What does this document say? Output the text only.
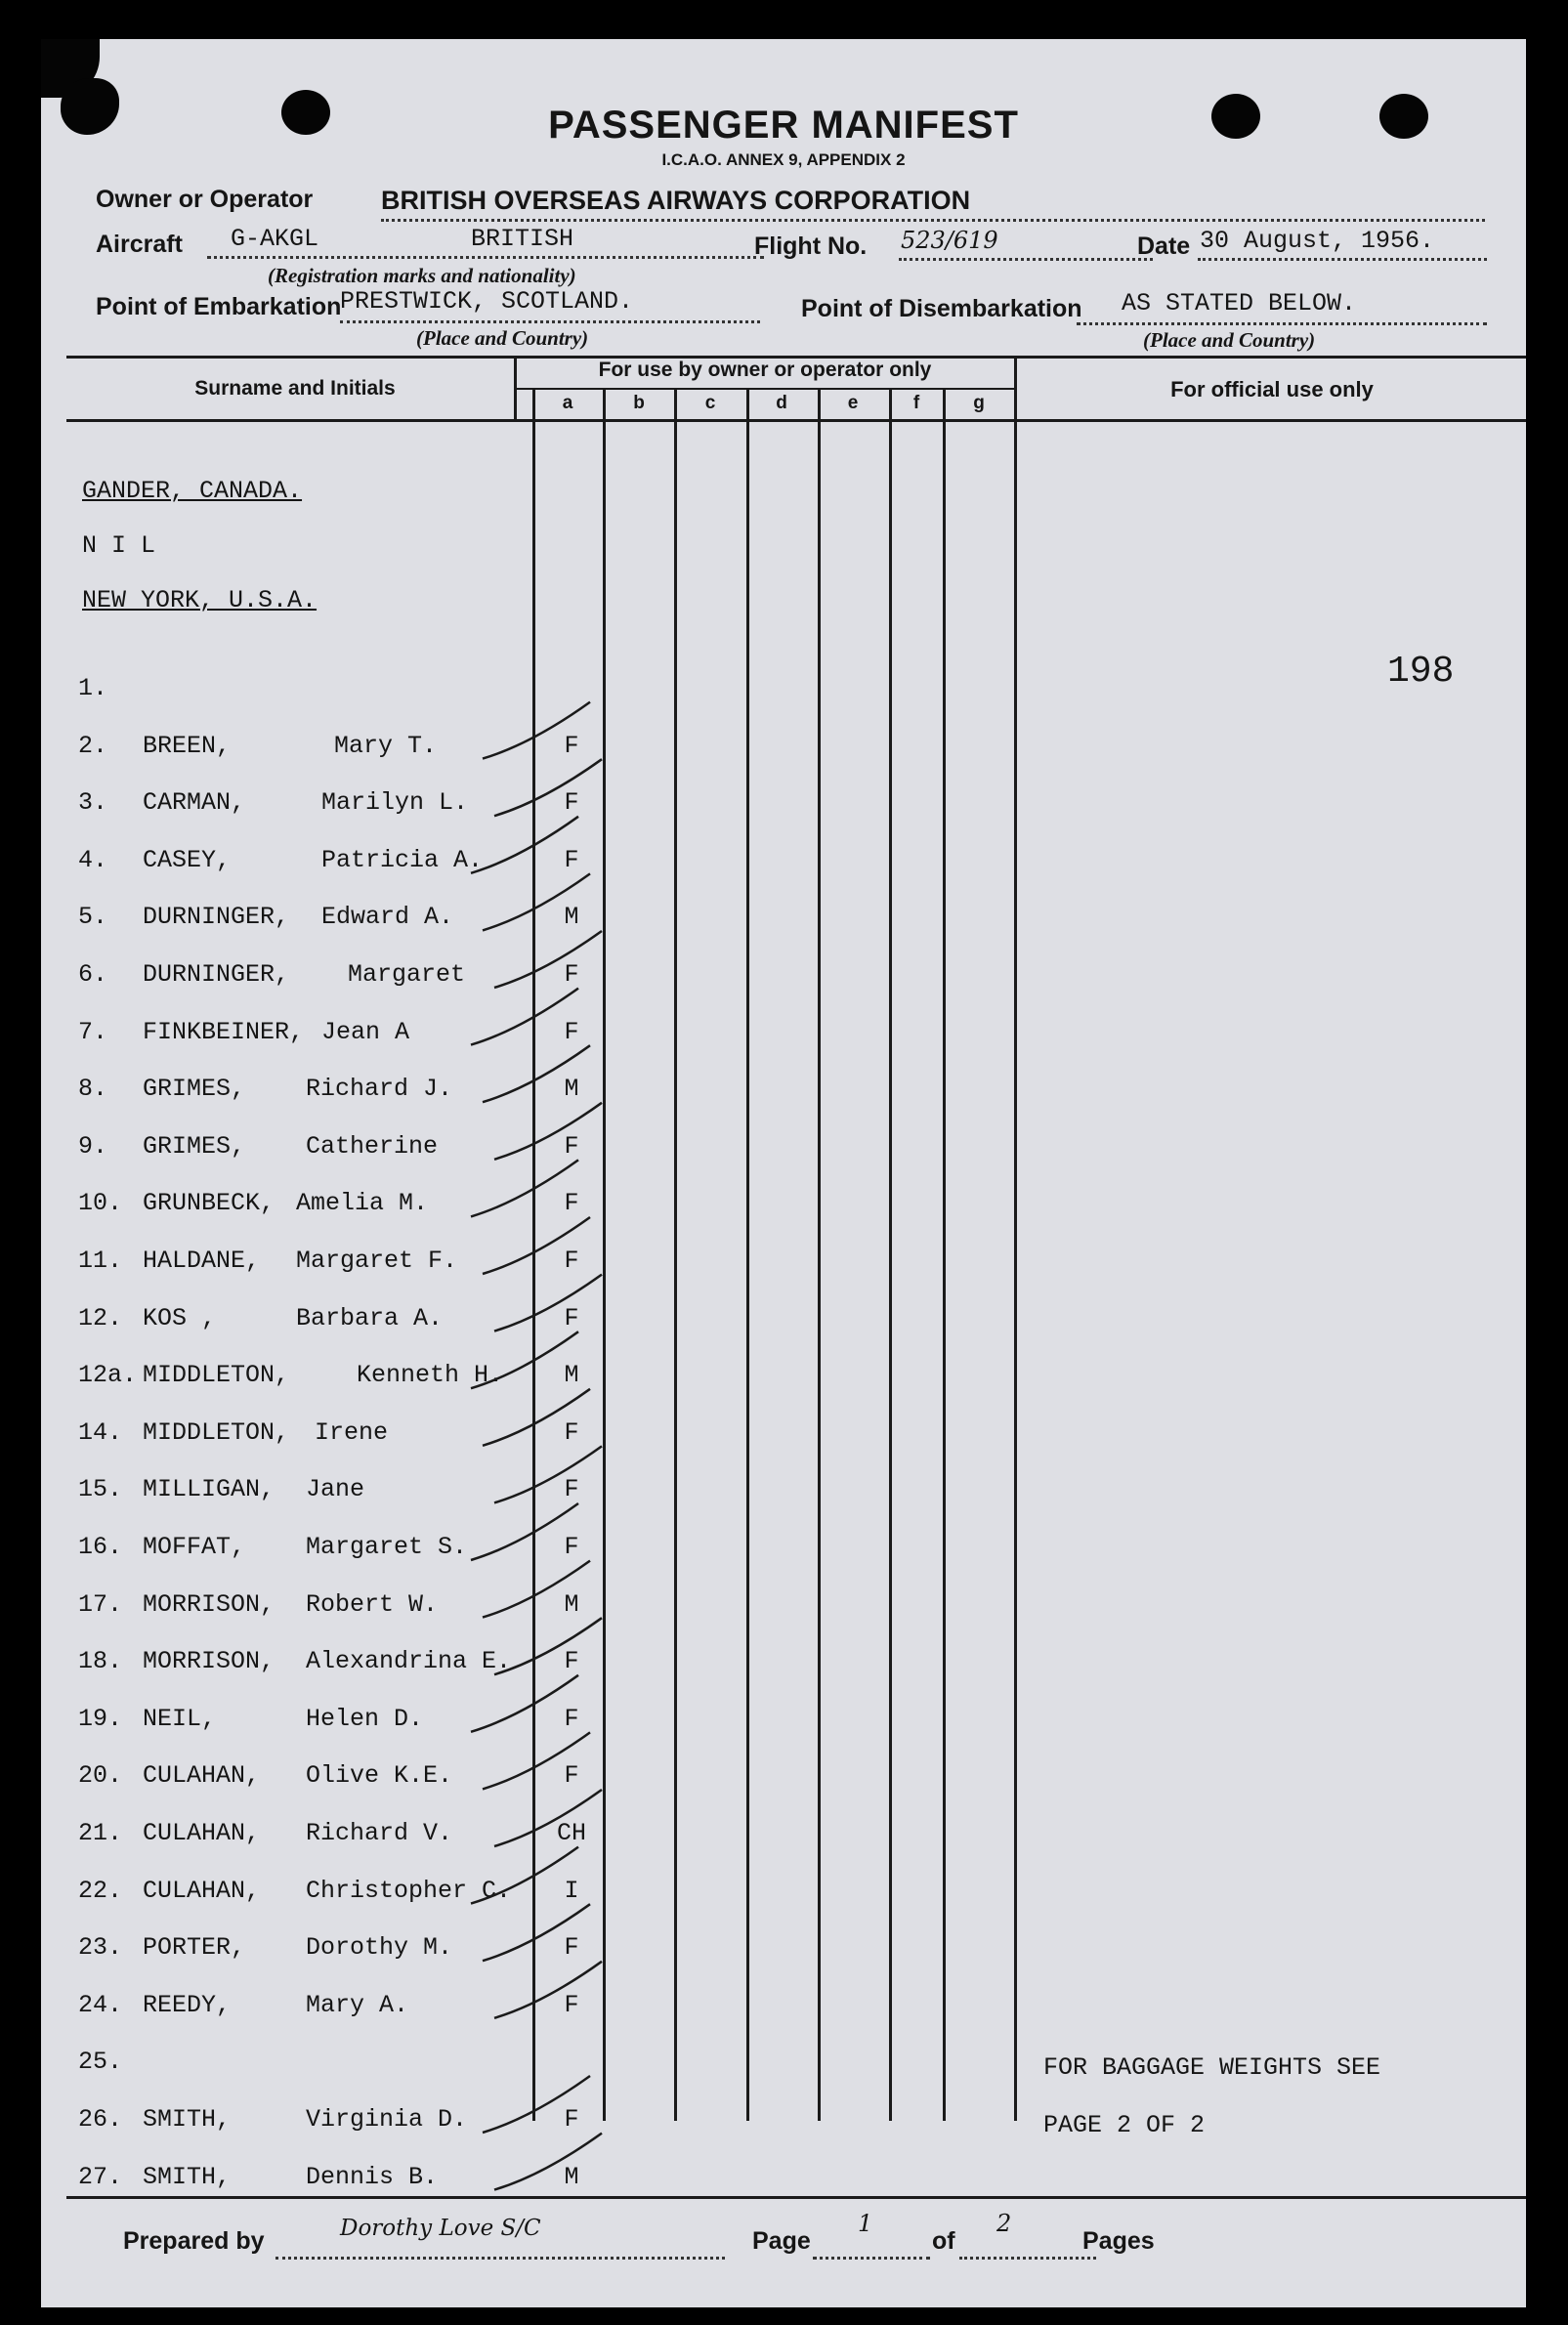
PASSENGER MANIFEST
I.C.A.O. ANNEX 9, APPENDIX 2
Owner or Operator	BRITISH OVERSEAS AIRWAYS CORPORATION
Aircraft G-AKGL	BRITISH	Flight No. 523/619	Date 30 August, 1956.
(Registration marks and nationality)
Point of Embarkation
PRESTWICK, SCOTLAND.	Point of Disembarkation AS STATED BELOW.
(Place and Country)	(Place and Country)
Surname and Initials
For use by owner or operator only
For official use only
a	b	c	d	e	f	g
GANDER, CANADA.
N I L
NEW YORK, U.S.A.
1.
2. BREEN,	Mary T.	F
3. CARMAN,	Marilyn L.	F
4. CASEY,	Patricia A.	F
5. DURNINGER, Edward A.	M
6. DURNINGER, Margaret	F
7. FINKBEINER, Jean A	F
8. GRIMES, Richard J.	M
9. GRIMES, Catherine	F
10. GRUNBECK, Amelia M.	F
11. HALDANE, Margaret F.	F
12. KOS ,	Barbara A.	F
12a. MIDDLETON,	Kenneth H.	M
14. MIDDLETON, Irene	F
15. MILLIGAN, Jane	F
16. MOFFAT, Margaret S.	F
17. MORRISON, Robert W.	M
18. MORRISON, Alexandrina E.	F
19. NEIL,	Helen D.	F
20. CULAHAN, Olive K.E.	F
21. CULAHAN, Richard V.	CH
22. CULAHAN, Christopher C.	I
23. PORTER, Dorothy M.	F
24. REEDY,	Mary A.	F
25.
26. SMITH,	Virginia D.	F
27. SMITH,	Dennis B.	M
198
FOR BAGGAGE WEIGHTS SEE
PAGE 2 OF 2
Prepared by	Dorothy Love S/C	Page
1
of
2
Pages
